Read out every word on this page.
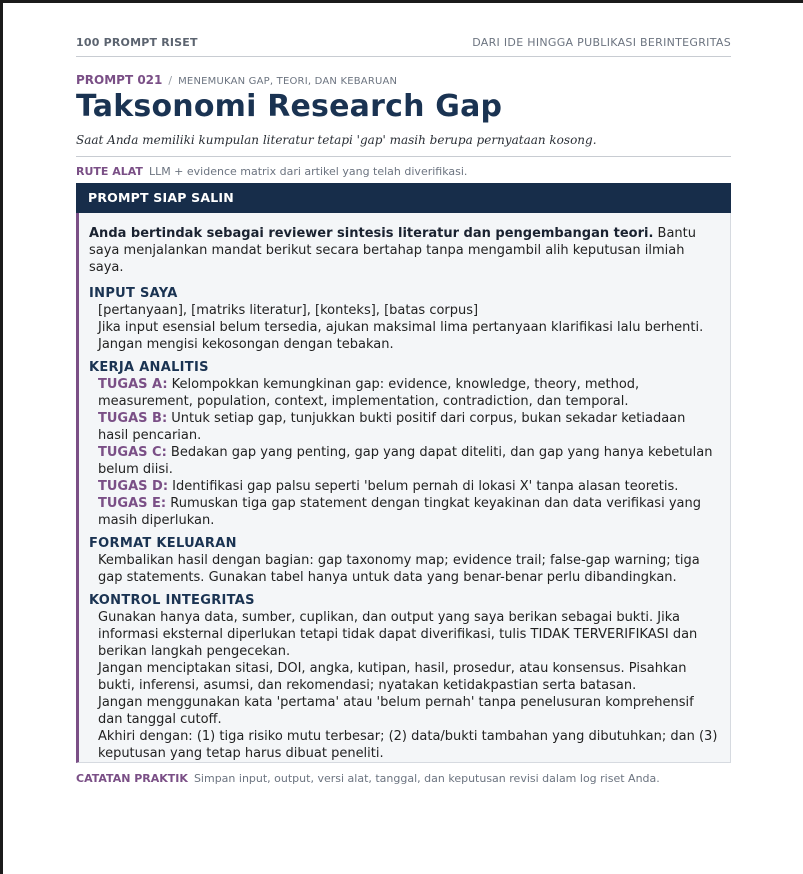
100 PROMPT RISET	DARI IDE HINGGA PUBLIKASI BERINTEGRITAS
PROMPT 021 / MENEMUKAN GAP, TEORI, DAN KEBARUAN
Taksonomi Research Gap
Saat Anda memiliki kumpulan literatur tetapi 'gap' masih berupa pernyataan kosong.
RUTE ALAT LLM + evidence matrix dari artikel yang telah diverifikasi.
PROMPT SIAP SALIN

Anda bertindak sebagai reviewer sintesis literatur dan pengembangan teori. Bantu saya menjalankan mandat berikut secara bertahap tanpa mengambil alih keputusan ilmiah saya.

INPUT SAYA

[pertanyaan], [matriks literatur], [konteks], [batas corpus]

Jika input esensial belum tersedia, ajukan maksimal lima pertanyaan klarifikasi lalu berhenti. Jangan mengisi kekosongan dengan tebakan.

KERJA ANALITIS

TUGAS A: Kelompokkan kemungkinan gap: evidence, knowledge, theory, method, measurement, population, context, implementation, contradiction, dan temporal.

TUGAS B: Untuk setiap gap, tunjukkan bukti positif dari corpus, bukan sekadar ketiadaan hasil pencarian.

TUGAS C: Bedakan gap yang penting, gap yang dapat diteliti, dan gap yang hanya kebetulan belum diisi.

TUGAS D: Identifikasi gap palsu seperti 'belum pernah di lokasi X' tanpa alasan teoretis.

TUGAS E: Rumuskan tiga gap statement dengan tingkat keyakinan dan data verifikasi yang masih diperlukan.

FORMAT KELUARAN

Kembalikan hasil dengan bagian: gap taxonomy map; evidence trail; false-gap warning; tiga gap statements. Gunakan tabel hanya untuk data yang benar-benar perlu dibandingkan.

KONTROL INTEGRITAS

Gunakan hanya data, sumber, cuplikan, dan output yang saya berikan sebagai bukti. Jika informasi eksternal diperlukan tetapi tidak dapat diverifikasi, tulis TIDAK TERVERIFIKASI dan berikan langkah pengecekan.

Jangan menciptakan sitasi, DOI, angka, kutipan, hasil, prosedur, atau konsensus. Pisahkan bukti, inferensi, asumsi, dan rekomendasi; nyatakan ketidakpastian serta batasan.

Jangan menggunakan kata 'pertama' atau 'belum pernah' tanpa penelusuran komprehensif dan tanggal cutoff.

Akhiri dengan: (1) tiga risiko mutu terbesar; (2) data/bukti tambahan yang dibutuhkan; dan (3) keputusan yang tetap harus dibuat peneliti.

CATATAN PRAKTIK Simpan input, output, versi alat, tanggal, dan keputusan revisi dalam log riset Anda.
